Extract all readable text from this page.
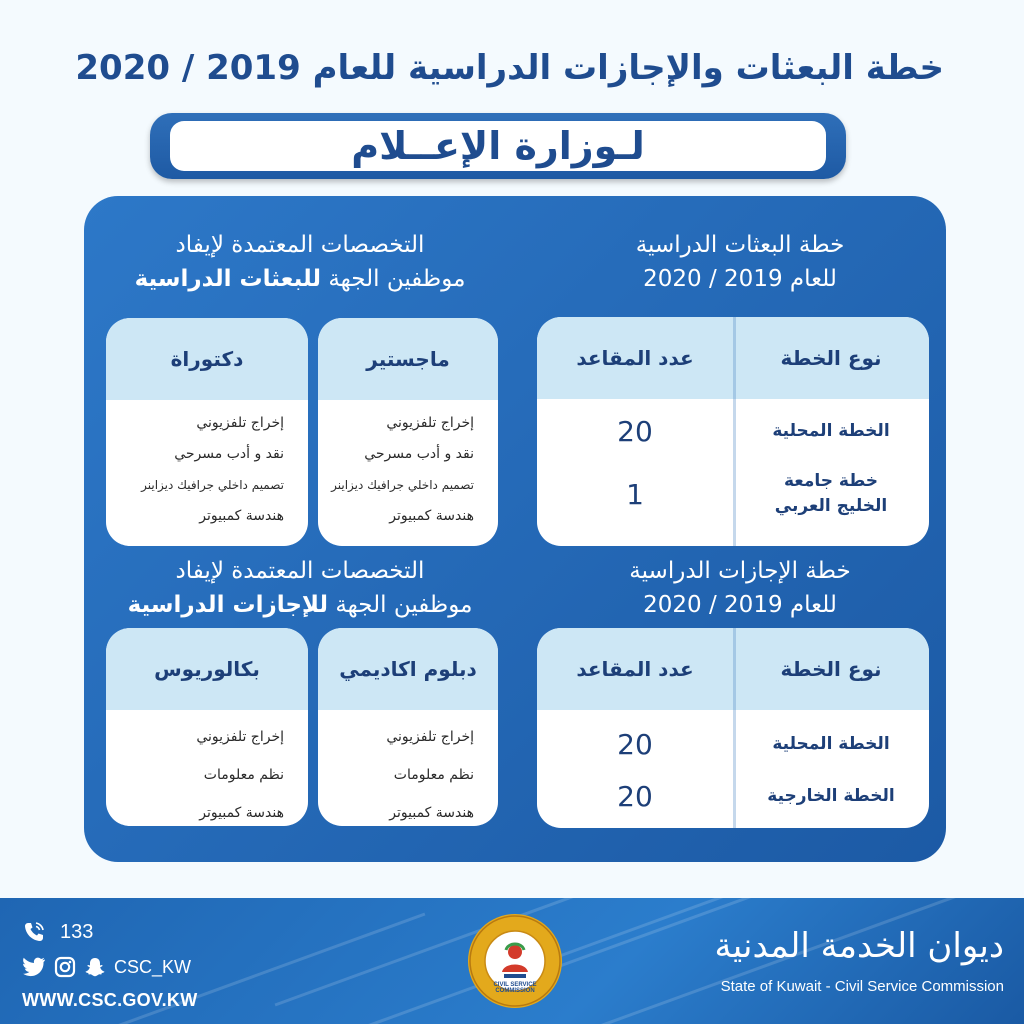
خطة البعثات والإجازات الدراسية للعام 2019 / 2020
لـوزارة الإعــلام
خطة البعثات الدراسية
للعام 2019 / 2020
التخصصات المعتمدة لإيفاد
موظفين الجهة للبعثات الدراسية
نوع الخطة
عدد المقاعد
الخطة المحلية
20
خطة جامعة الخليج العربي
1
ماجستير
إخراج تلفزيوني
نقد و أدب مسرحي
تصميم داخلي جرافيك ديزاينر
هندسة كمبيوتر
دكتوراة
إخراج تلفزيوني
نقد و أدب مسرحي
تصميم داخلي جرافيك ديزاينر
هندسة كمبيوتر
خطة الإجازات الدراسية
للعام 2019 / 2020
التخصصات المعتمدة لإيفاد
موظفين الجهة للإجازات الدراسية
نوع الخطة
عدد المقاعد
الخطة المحلية
20
الخطة الخارجية
20
دبلوم اكاديمي
إخراج تلفزيوني
نظم معلومات
هندسة كمبيوتر
بكالوريوس
إخراج تلفزيوني
نظم معلومات
هندسة كمبيوتر
133
CSC_KW
WWW.CSC.GOV.KW
CIVIL SERVICE COMMISSION
ديوان الخدمة المدنية
State of Kuwait - Civil Service Commission
